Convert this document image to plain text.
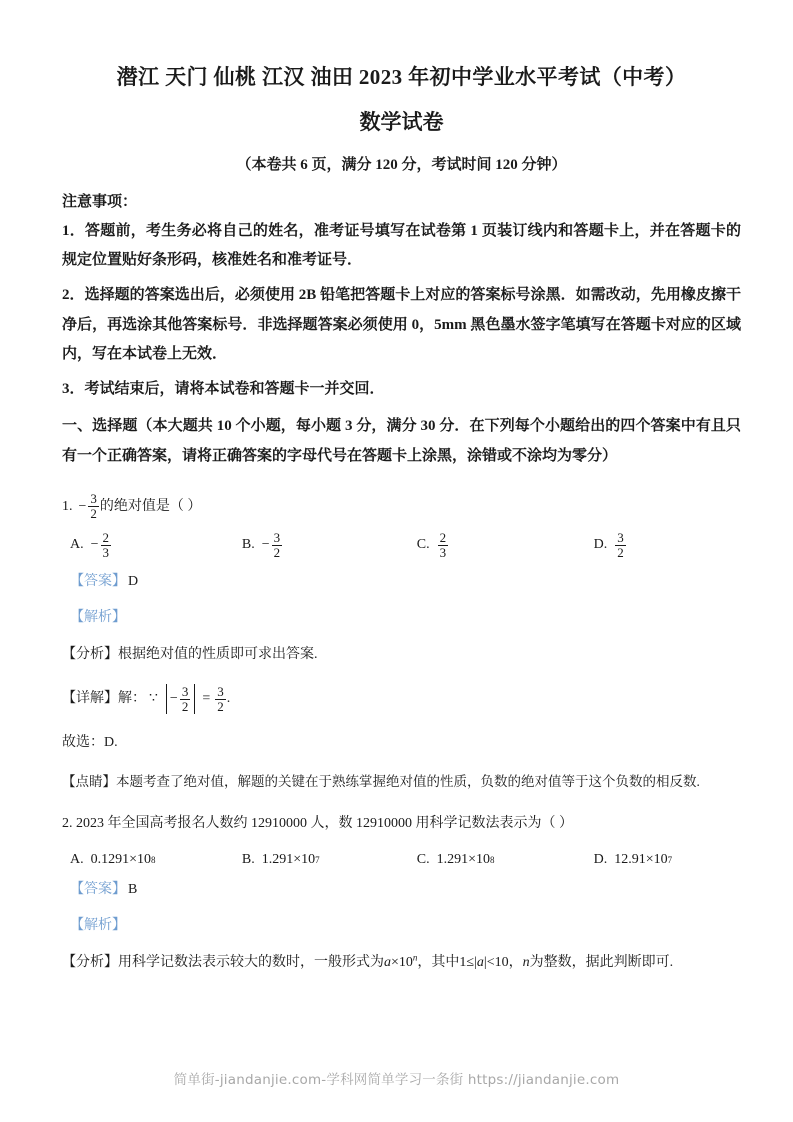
潜江 天门 仙桃 江汉 油田 2023 年初中学业水平考试（中考）
数学试卷
（本卷共 6 页，满分 120 分，考试时间 120 分钟）
注意事项：
1．答题前，考生务必将自己的姓名，准考证号填写在试卷第 1 页装订线内和答题卡上，并在答题卡的规定位置贴好条形码，核准姓名和准考证号．
2．选择题的答案选出后，必须使用 2B 铅笔把答题卡上对应的答案标号涂黑．如需改动，先用橡皮擦干净后，再选涂其他答案标号．非选择题答案必须使用 0，5mm 黑色墨水签字笔填写在答题卡对应的区域内，写在本试卷上无效．
3．考试结束后，请将本试卷和答题卡一并交回．
一、选择题（本大题共 10 个小题，每小题 3 分，满分 30 分．在下列每个小题给出的四个答案中有且只有一个正确答案，请将正确答案的字母代号在答题卡上涂黑，涂错或不涂均为零分）
1. − $\frac{3}{2}$ 的绝对值是（ ）
A. − $\frac{2}{3}$	B. − $\frac{3}{2}$	C. $\frac{2}{3}$	D. $\frac{3}{2}$
【答案】 D
【解析】
【分析】根据绝对值的性质即可求出答案.
【详解】 解： ∵ − $\frac{3}{2} = \frac{3}{2}$ .
故选：D.
【点睛】本题考查了绝对值，解题的关键在于熟练掌握绝对值的性质，负数的绝对值等于这个负数的相反数.
2. 2023 年全国高考报名人数约 12910000 人，数 12910000 用科学记数法表示为（ ）
A. 0.1291 ×10 8	B. 1.291 ×10 7	C. 1.291 ×10 8	D. 12.91 ×10 7
【答案】 B
【解析】
【分析】用科学记数法表示较大的数时，一般形式为$a\times 10^n$，其中1≤|a|<10，n为整数，据此判断即可.
简单街-jiandanjie.com-学科网简单学习一条街 https://jiandanjie.com
